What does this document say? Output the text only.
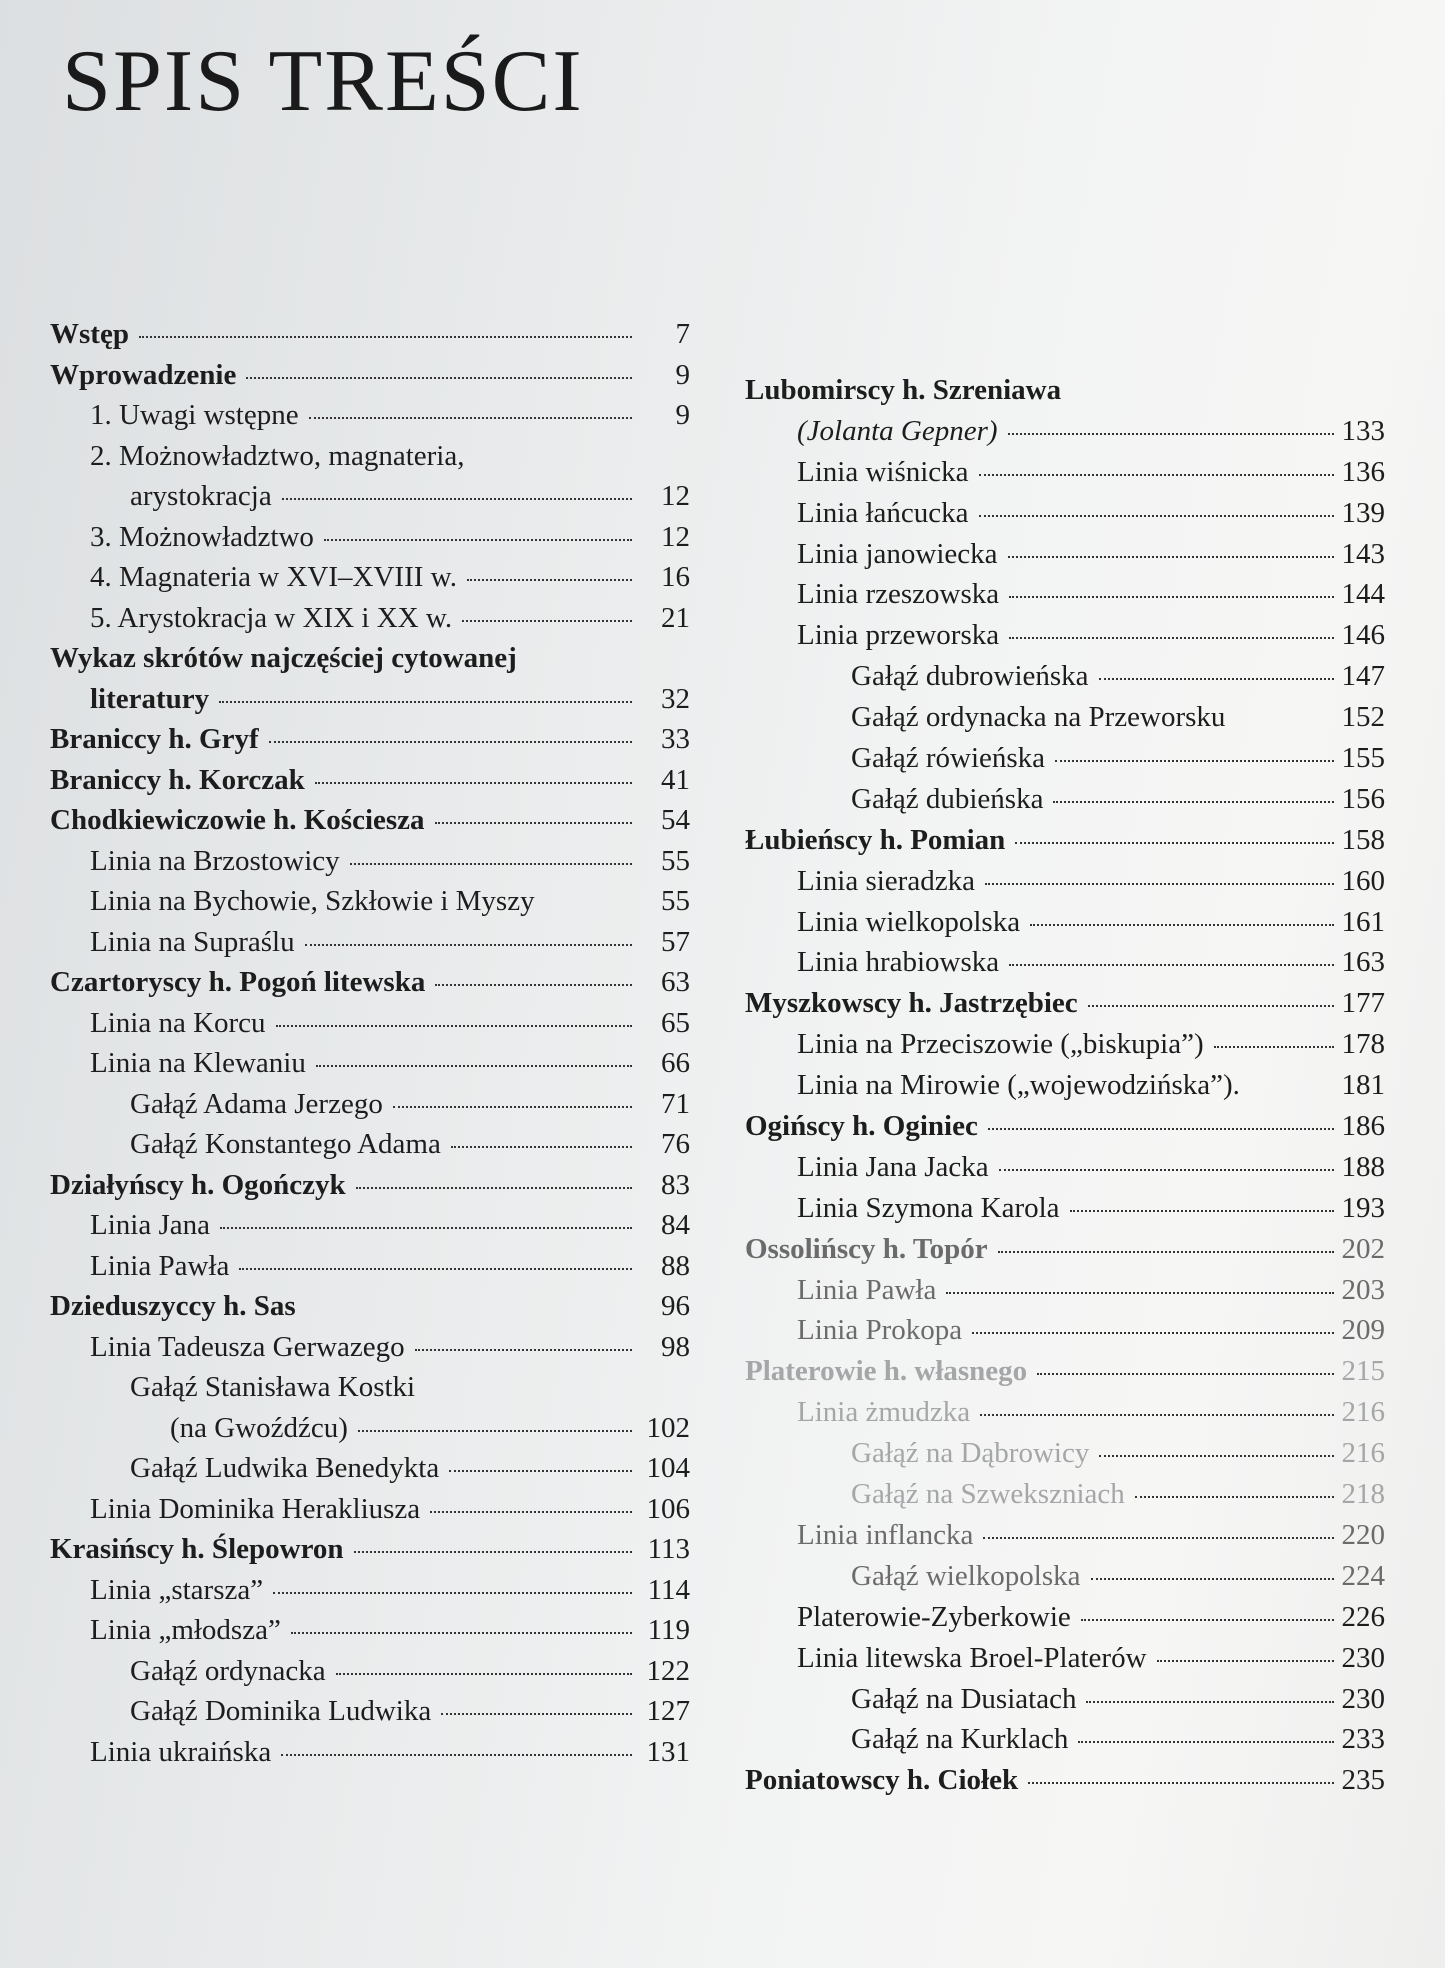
SPIS TREŚCI
Wstęp	7
Wprowadzenie	9
1. Uwagi wstępne	9
2. Możnowładztwo, magnateria,
arystokracja	12
3. Możnowładztwo	12
4. Magnateria w XVI–XVIII w.	16
5. Arystokracja w XIX i XX w.	21
Wykaz skrótów najczęściej cytowanej
literatury	32
Braniccy h. Gryf	33
Braniccy h. Korczak	41
Chodkiewiczowie h. Kościesza	54
Linia na Brzostowicy	55
Linia na Bychowie, Szkłowie i Myszy	55
Linia na Supraślu	57
Czartoryscy h. Pogoń litewska	63
Linia na Korcu	65
Linia na Klewaniu	66
Gałąź Adama Jerzego	71
Gałąź Konstantego Adama	76
Działyńscy h. Ogończyk	83
Linia Jana	84
Linia Pawła	88
Dzieduszyccy h. Sas	96
Linia Tadeusza Gerwazego	98
Gałąź Stanisława Kostki
(na Gwoźdźcu)	102
Gałąź Ludwika Benedykta	104
Linia Dominika Herakliusza	106
Krasińscy h. Ślepowron	113
Linia „starsza”	114
Linia „młodsza”	119
Gałąź ordynacka	122
Gałąź Dominika Ludwika	127
Linia ukraińska	131
Lubomirscy h. Szreniawa
(Jolanta Gepner)	133
Linia wiśnicka	136
Linia łańcucka	139
Linia janowiecka	143
Linia rzeszowska	144
Linia przeworska	146
Gałąź dubrowieńska	147
Gałąź ordynacka na Przeworsku	152
Gałąź rówieńska	155
Gałąź dubieńska	156
Łubieńscy h. Pomian	158
Linia sieradzka	160
Linia wielkopolska	161
Linia hrabiowska	163
Myszkowscy h. Jastrzębiec	177
Linia na Przeciszowie („biskupia”)	178
Linia na Mirowie („wojewodzińska”).	181
Ogińscy h. Oginiec	186
Linia Jana Jacka	188
Linia Szymona Karola	193
Ossolińscy h. Topór	202
Linia Pawła	203
Linia Prokopa	209
Platerowie h. własnego	215
Linia żmudzka	216
Gałąź na Dąbrowicy	216
Gałąź na Szwekszniach	218
Linia inflancka	220
Gałąź wielkopolska	224
Platerowie-Zyberkowie	226
Linia litewska Broel-Platerów	230
Gałąź na Dusiatach	230
Gałąź na Kurklach	233
Poniatowscy h. Ciołek	235
